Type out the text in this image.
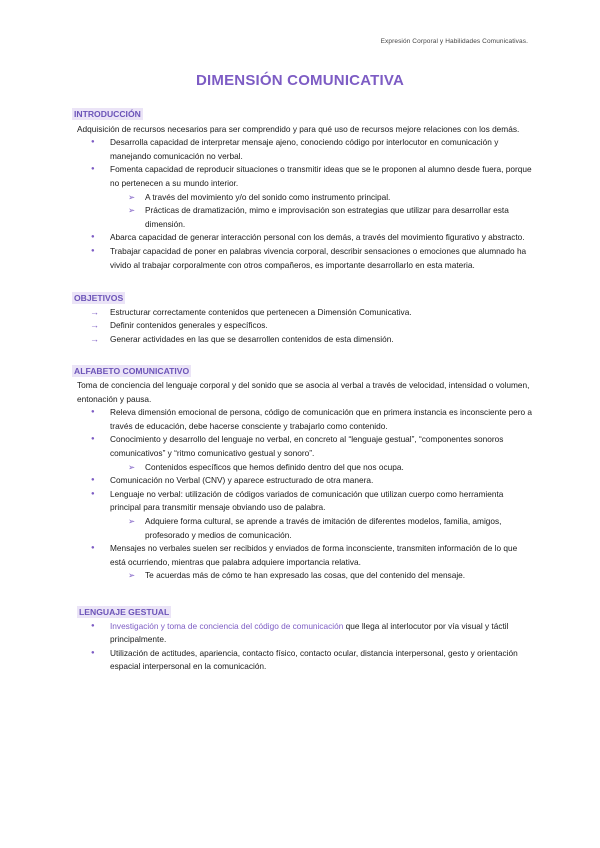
Expresión Corporal y Habilidades Comunicativas.
DIMENSIÓN COMUNICATIVA
INTRODUCCIÓN
Adquisición de recursos necesarios para ser comprendido y para qué uso de recursos mejore relaciones con los demás.
● Desarrolla capacidad de interpretar mensaje ajeno, conociendo código por interlocutor en comunicación y manejando comunicación no verbal.
● Fomenta capacidad de reproducir situaciones o transmitir ideas que se le proponen al alumno desde fuera, porque no pertenecen a su mundo interior.
➢ A través del movimiento y/o del sonido como instrumento principal.
➢ Prácticas de dramatización, mimo e improvisación son estrategias que utilizar para desarrollar esta dimensión.
● Abarca capacidad de generar interacción personal con los demás, a través del movimiento figurativo y abstracto.
● Trabajar capacidad de poner en palabras vivencia corporal, describir sensaciones o emociones que alumnado ha vivido al trabajar corporalmente con otros compañeros, es importante desarrollarlo en esta materia.
OBJETIVOS
→ Estructurar correctamente contenidos que pertenecen a Dimensión Comunicativa.
→ Definir contenidos generales y específicos.
→ Generar actividades en las que se desarrollen contenidos de esta dimensión.
ALFABETO COMUNICATIVO
Toma de conciencia del lenguaje corporal y del sonido que se asocia al verbal a través de velocidad, intensidad o volumen, entonación y pausa.
● Releva dimensión emocional de persona, código de comunicación que en primera instancia es inconsciente pero a través de educación, debe hacerse consciente y trabajarlo como contenido.
● Conocimiento y desarrollo del lenguaje no verbal, en concreto al “lenguaje gestual”, “componentes sonoros comunicativos” y “ritmo comunicativo gestual y sonoro”.
➢ Contenidos específicos que hemos definido dentro del que nos ocupa.
● Comunicación no Verbal (CNV) y aparece estructurado de otra manera.
● Lenguaje no verbal: utilización de códigos variados de comunicación que utilizan cuerpo como herramienta principal para transmitir mensaje obviando uso de palabra.
➢ Adquiere forma cultural, se aprende a través de imitación de diferentes modelos, familia, amigos, profesorado y medios de comunicación.
● Mensajes no verbales suelen ser recibidos y enviados de forma inconsciente, transmiten información de lo que está ocurriendo, mientras que palabra adquiere importancia relativa.
➢ Te acuerdas más de cómo te han expresado las cosas, que del contenido del mensaje.
LENGUAJE GESTUAL
● Investigación y toma de conciencia del código de comunicación que llega al interlocutor por vía visual y táctil principalmente.
● Utilización de actitudes, apariencia, contacto físico, contacto ocular, distancia interpersonal, gesto y orientación espacial interpersonal en la comunicación.
